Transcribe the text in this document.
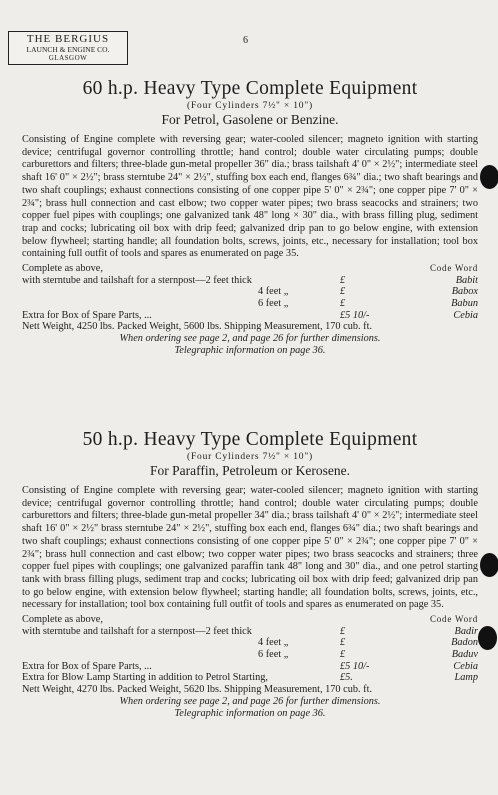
THE BERGIUS
LAUNCH & ENGINE CO.
GLASGOW
6
60 h.p. Heavy Type Complete Equipment
(Four Cylinders 7½" × 10")
For Petrol, Gasolene or Benzine.

Consisting of Engine complete with reversing gear; water-cooled silencer; magneto ignition with starting device; centrifugal governor controlling throttle; hand control; double water circulating pumps; double carburettors and filters; three-blade gun-metal propeller 36" dia.; brass tailshaft 4' 0" × 2½"; intermediate steel shaft 16' 0" × 2½"; brass sterntube 24" × 2½", stuffing box each end, flanges 6¾" dia.; two shaft bearings and two shaft couplings; exhaust connections consisting of one copper pipe 5' 0" × 2¾"; one copper pipe 7' 0" × 2¾"; brass hull connection and cast elbow; two copper water pipes; two brass seacocks and strainers; two copper fuel pipes with couplings; one galvanized tank 48" long × 30" dia., with brass filling plug, sediment trap and cocks; lubricating oil box with drip feed; galvanized drip pan to go below engine, with extension below flywheel; starting handle; all foundation bolts, screws, joints, etc., necessary for installation; tool box containing full outfit of tools and spares as enumerated on page 35.

Complete as above,	Code Word
with sterntube and tailshaft for a sternpost—2 feet thick	£	Babit
4 feet „	£	Babox
6 feet „	£	Babun
Extra for Box of Spare Parts, ...	£5 10/-	Cebia
Nett Weight, 4250 lbs. Packed Weight, 5600 lbs. Shipping Measurement, 170 cub. ft.
When ordering see page 2, and page 26 for further dimensions.
Telegraphic information on page 36.
50 h.p. Heavy Type Complete Equipment
(Four Cylinders 7½" × 10")
For Paraffin, Petroleum or Kerosene.

Consisting of Engine complete with reversing gear; water-cooled silencer; magneto ignition with starting device; centrifugal governor controlling throttle; hand control; double water circulating pumps; double carburettors and filters; three-blade gun-metal propeller 34" dia.; brass tailshaft 4' 0" × 2½"; intermediate steel shaft 16' 0" × 2½" brass sterntube 24" × 2½", stuffing box each end, flanges 6¾" dia.; two shaft bearings and two shaft couplings; exhaust connections consisting of one copper pipe 5' 0" × 2¾"; one copper pipe 7' 0" × 2¾"; brass hull connection and cast elbow; two copper water pipes; two brass seacocks and strainers; three copper fuel pipes with couplings; one galvanized paraffin tank 48" long and 30" dia., and one petrol starting tank with brass filling plugs, sediment trap and cocks; lubricating oil box with drip feed; galvanized drip pan to go below engine, with extension below flywheel; starting handle; all foundation bolts, screws, joints, etc., necessary for installation; tool box containing full outfit of tools and spares as enumerated on page 35.

Complete as above,	Code Word
with sterntube and tailshaft for a sternpost—2 feet thick	£	Badir
4 feet „	£	Badon
6 feet „	£	Baduv
Extra for Box of Spare Parts, ...	£5 10/-	Cebia
Extra for Blow Lamp Starting in addition to Petrol Starting,	£5.	Lamp
Nett Weight, 4270 lbs. Packed Weight, 5620 lbs. Shipping Measurement, 170 cub. ft.
When ordering see page 2, and page 26 for further dimensions.
Telegraphic information on page 36.
